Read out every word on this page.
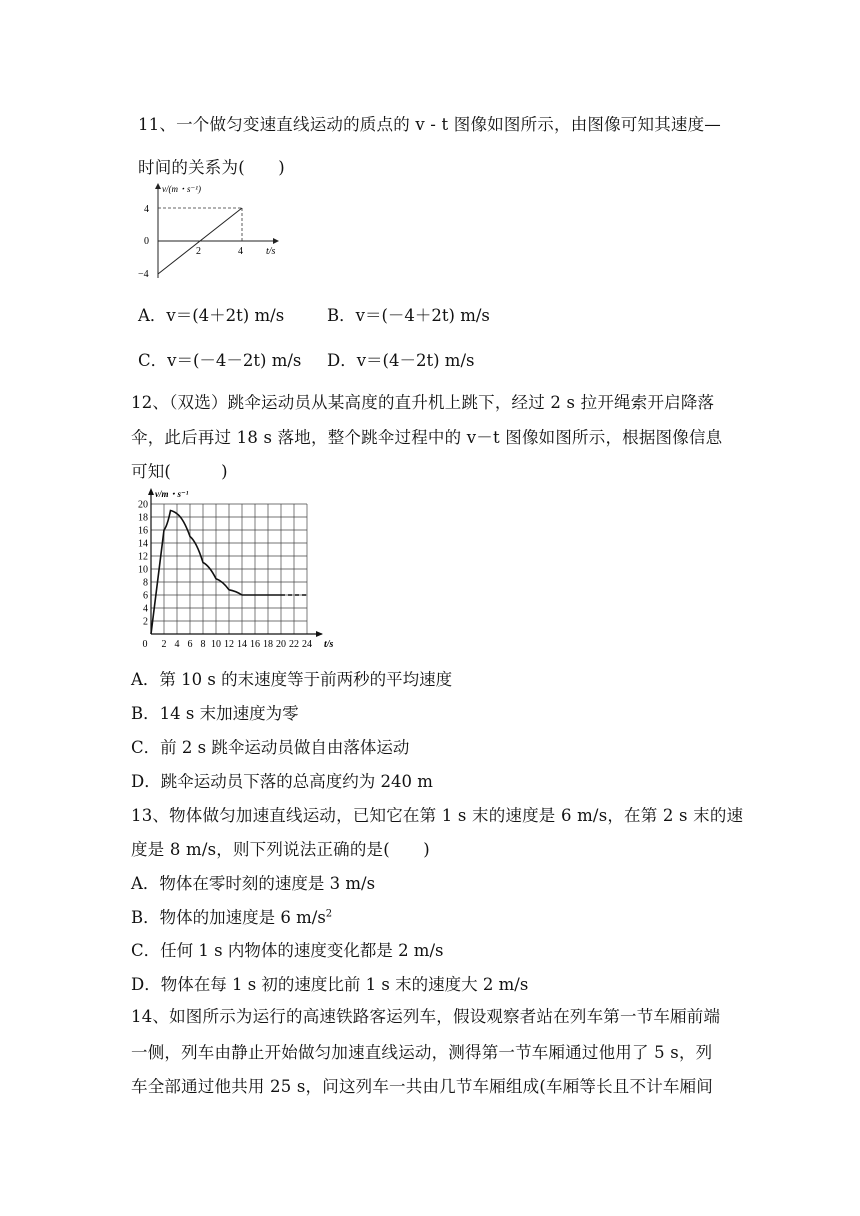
11、一个做匀变速直线运动的质点的 v - t 图像如图所示，由图像可知其速度—
时间的关系为(　　)
v/(m・s⁻¹)
4
0
−4
2	4 t/s
A．v＝(4＋2t) m/s	B．v＝(－4＋2t) m/s
C．v＝(－4－2t) m/s D．v＝(4－2t) m/s
12、（双选）跳伞运动员从某高度的直升机上跳下，经过 2 s 拉开绳索开启降落
伞，此后再过 18 s 落地，整个跳伞过程中的 v－t 图像如图所示，根据图像信息
可知(　　　)
20
18
16
14
12
10
8
6
4
2
0 2 4 6 8 10 12 14 16 18 20 22 24
v/m・s⁻¹
t/s
A．第 10 s 的末速度等于前两秒的平均速度
B．14 s 末加速度为零
C．前 2 s 跳伞运动员做自由落体运动
D．跳伞运动员下落的总高度约为 240 m
13、物体做匀加速直线运动，已知它在第 1 s 末的速度是 6 m/s，在第 2 s 末的速
度是 8 m/s，则下列说法正确的是(　　)
A．物体在零时刻的速度是 3 m/s
B．物体的加速度是 6 $m/s^2$
C．任何 1 s 内物体的速度变化都是 2 m/s
D．物体在每 1 s 初的速度比前 1 s 末的速度大 2 m/s
14、如图所示为运行的高速铁路客运列车，假设观察者站在列车第一节车厢前端
一侧，列车由静止开始做匀加速直线运动，测得第一节车厢通过他用了 5 s，列
车全部通过他共用 25 s，问这列车一共由几节车厢组成(车厢等长且不计车厢间
